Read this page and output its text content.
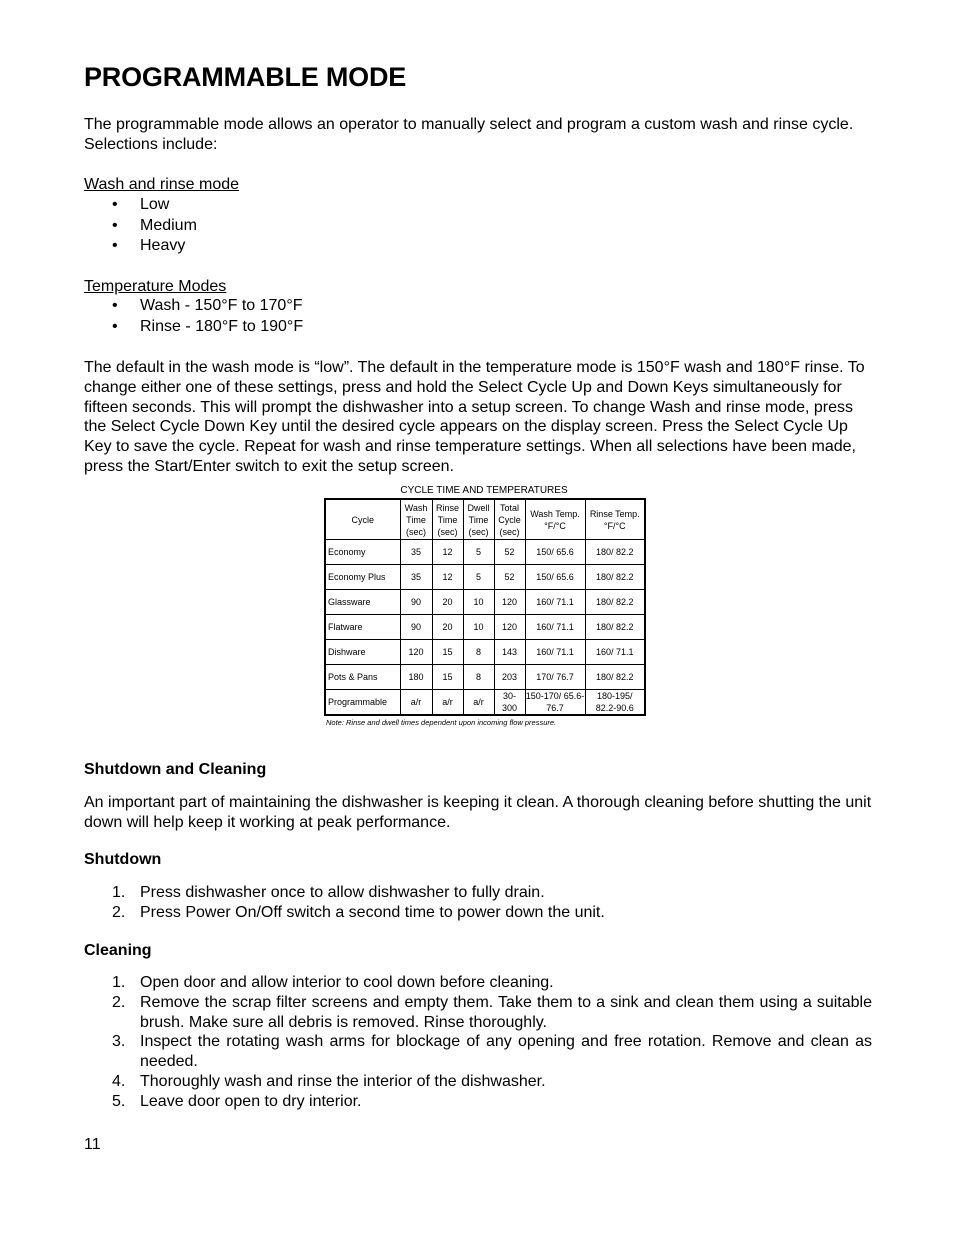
PROGRAMMABLE MODE

The programmable mode allows an operator to manually select and program a custom wash and rinse cycle. Selections include:

Wash and rinse mode

• Low
• Medium
• Heavy

Temperature Modes

• Wash - 150°F to 170°F
• Rinse - 180°F to 190°F

The default in the wash mode is “low”. The default in the temperature mode is 150°F wash and 180°F rinse. To change either one of these settings, press and hold the Select Cycle Up and Down Keys simultaneously for fifteen seconds. This will prompt the dishwasher into a setup screen. To change Wash and rinse mode, press the Select Cycle Down Key until the desired cycle appears on the display screen. Press the Select Cycle Up Key to save the cycle. Repeat for wash and rinse temperature settings. When all selections have been made, press the Start/Enter switch to exit the setup screen.

CYCLE TIME AND TEMPERATURES
Cycle	Wash Time (sec)	Rinse Time (sec)	Dwell Time (sec)	Total Cycle (sec)	Wash Temp. °F/°C	Rinse Temp. °F/°C
Economy	35	12	5	52	150/ 65.6	180/ 82.2
Economy Plus	35	12	5	52	150/ 65.6	180/ 82.2
Glassware	90	20	10	120	160/ 71.1	180/ 82.2
Flatware	90	20	10	120	160/ 71.1	180/ 82.2
Dishware	120	15	8	143	160/ 71.1	160/ 71.1
Pots & Pans	180	15	8	203	170/ 76.7	180/ 82.2
Programmable	a/r	a/r	a/r	30- 300	150-170/ 65.6-76.7	180-195/ 82.2-90.6
Note: Rinse and dwell times dependent upon incoming flow pressure.
Shutdown and Cleaning

An important part of maintaining the dishwasher is keeping it clean. A thorough cleaning before shutting the unit down will help keep it working at peak performance.

Shutdown
1. Press dishwasher once to allow dishwasher to fully drain.
2. Press Power On/Off switch a second time to power down the unit.
Cleaning
1. Open door and allow interior to cool down before cleaning.
2. Remove the scrap filter screens and empty them. Take them to a sink and clean them using a suitable brush. Make sure all debris is removed. Rinse thoroughly.
3. Inspect the rotating wash arms for blockage of any opening and free rotation. Remove and clean as needed.
4. Thoroughly wash and rinse the interior of the dishwasher.
5. Leave door open to dry interior.
11
